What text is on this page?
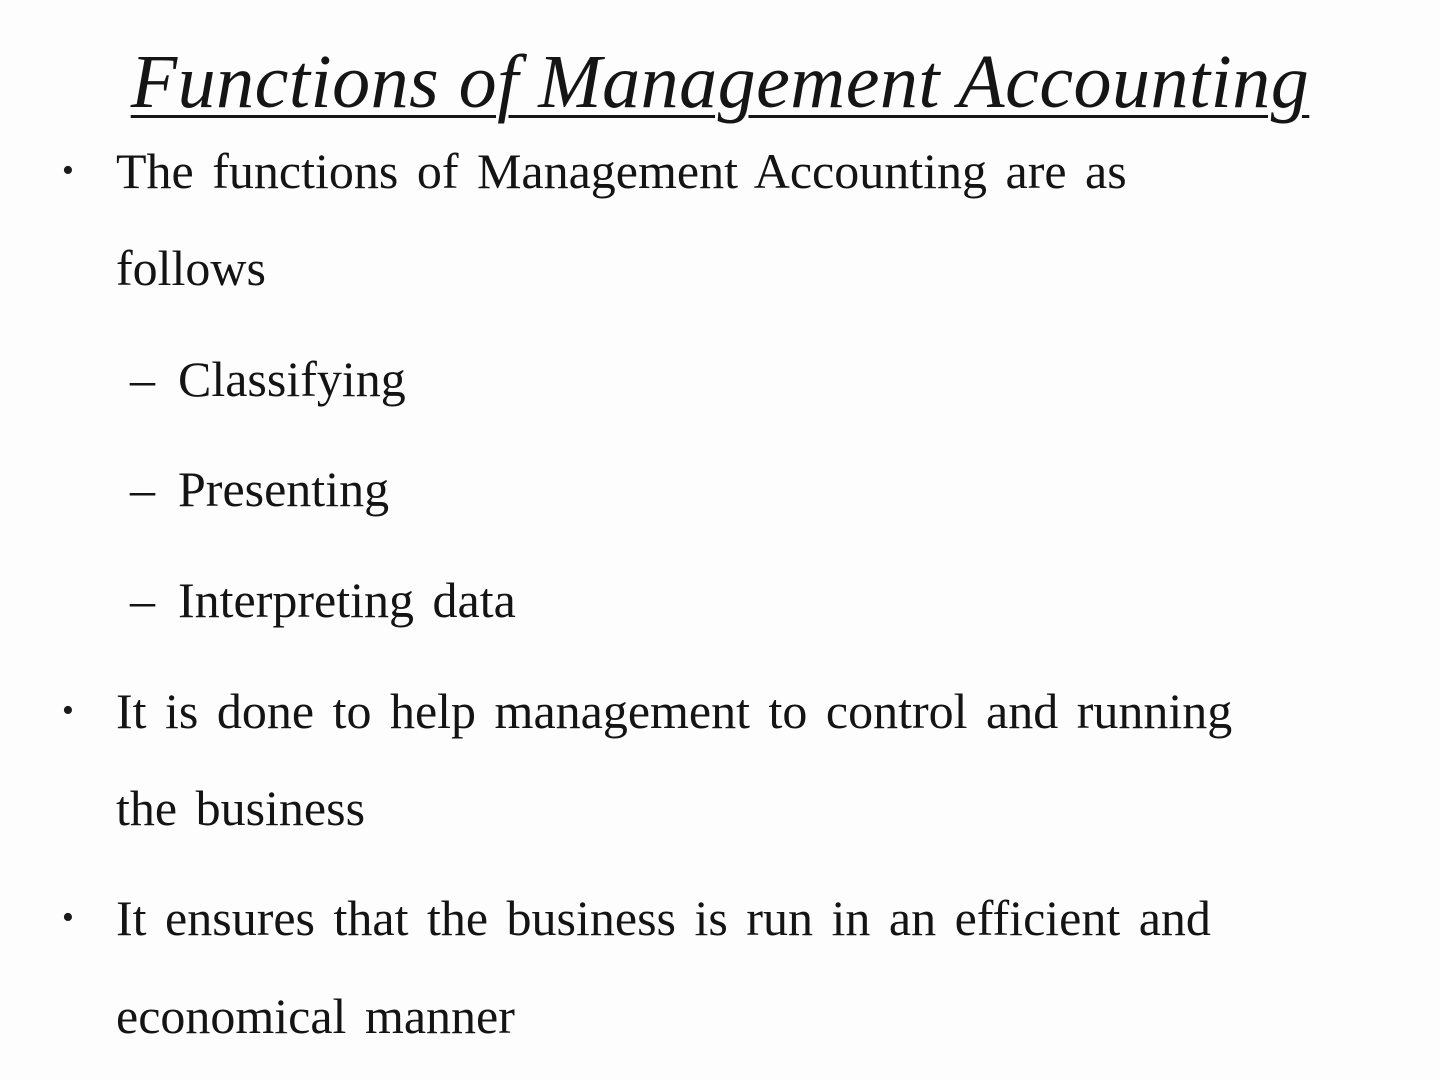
Functions of Management Accounting
• The functions of Management Accounting are as
follows
– Classifying
– Presenting
– Interpreting data
• It is done to help management to control and running
the business
• It ensures that the business is run in an efficient and
economical manner
